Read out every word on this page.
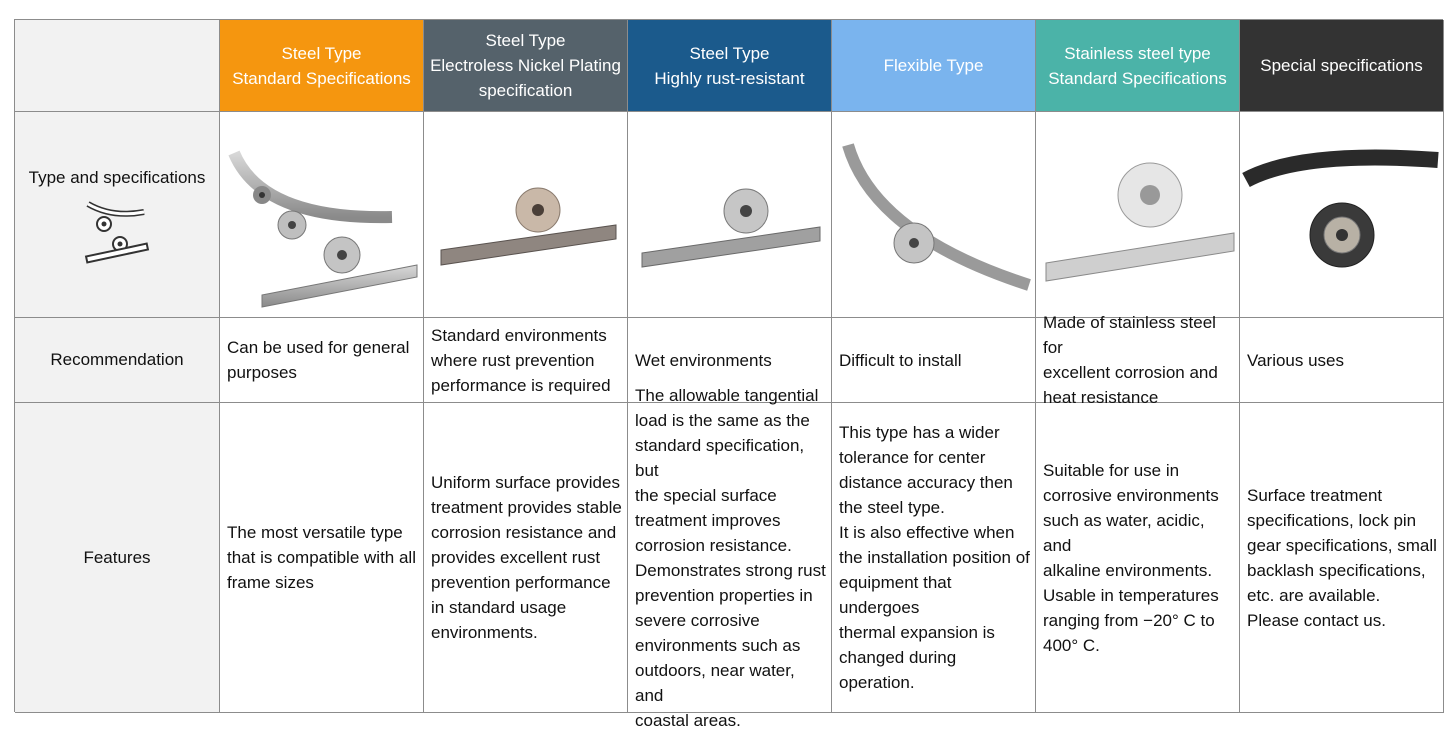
Steel Type
Standard Specifications
Steel Type
Electroless Nickel Plating
specification
Steel Type
Highly rust-resistant
Flexible Type
Stainless steel type
Standard Specifications
Special specifications
Type and specifications
Recommendation
Can be used for general
purposes
Standard environments
where rust prevention
performance is required
Wet environments	Difficult to install
Made of stainless steel for
excellent corrosion and
heat resistance
Various uses
Features
The most versatile type
that is compatible with all
frame sizes
Uniform surface provides
treatment provides stable
corrosion resistance and
provides excellent rust
prevention performance
in standard usage
environments.
The allowable tangential
load is the same as the
standard specification, but
the special surface
treatment improves
corrosion resistance.
Demonstrates strong rust
prevention properties in
severe corrosive
environments such as
outdoors, near water, and
coastal areas.
This type has a wider
tolerance for center
distance accuracy then
the steel type.
It is also effective when
the installation position of
equipment that undergoes
thermal expansion is
changed during operation.
Suitable for use in
corrosive environments
such as water, acidic, and
alkaline environments.
Usable in temperatures
ranging from −20° C to
400° C.
Surface treatment
specifications, lock pin
gear specifications, small
backlash specifications,
etc. are available.
Please contact us.
